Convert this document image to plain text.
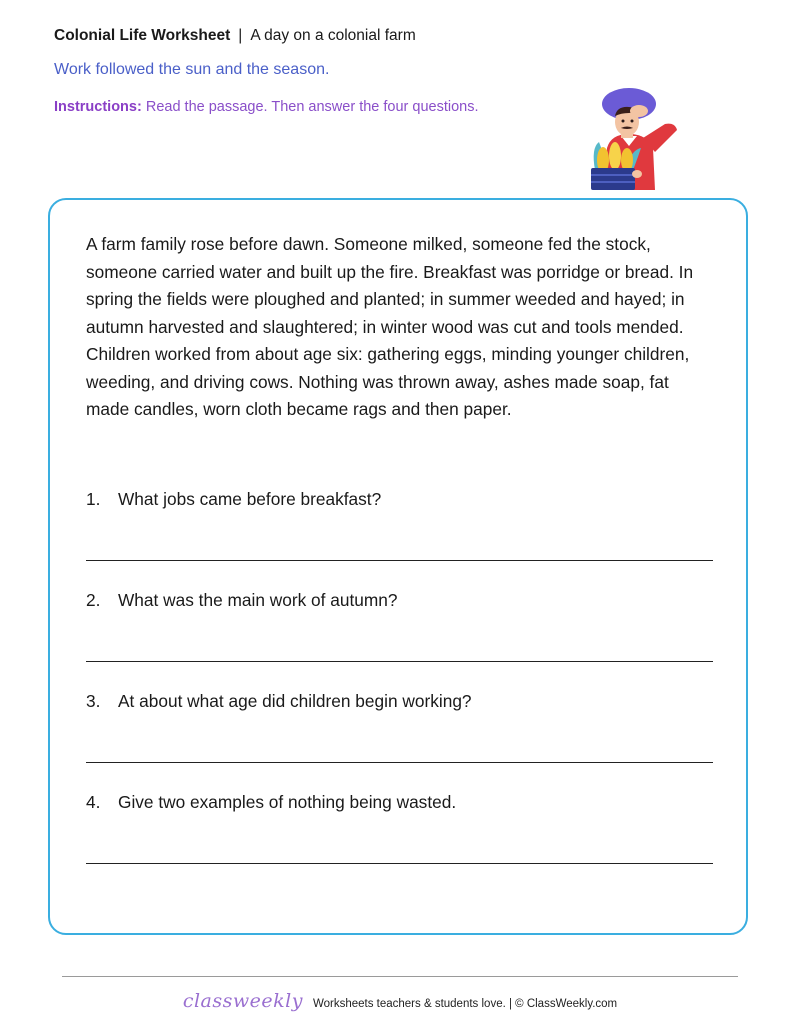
Colonial Life Worksheet | A day on a colonial farm
Work followed the sun and the season.
Instructions: Read the passage. Then answer the four questions.
A farm family rose before dawn. Someone milked, someone fed the stock, someone carried water and built up the fire. Breakfast was porridge or bread. In spring the fields were ploughed and planted; in summer weeded and hayed; in autumn harvested and slaughtered; in winter wood was cut and tools mended. Children worked from about age six: gathering eggs, minding younger children, weeding, and driving cows. Nothing was thrown away, ashes made soap, fat made candles, worn cloth became rags and then paper.
1. What jobs came before breakfast?
2. What was the main work of autumn?
3. At about what age did children begin working?
4. Give two examples of nothing being wasted.
classweekly Worksheets teachers & students love. | © ClassWeekly.com
